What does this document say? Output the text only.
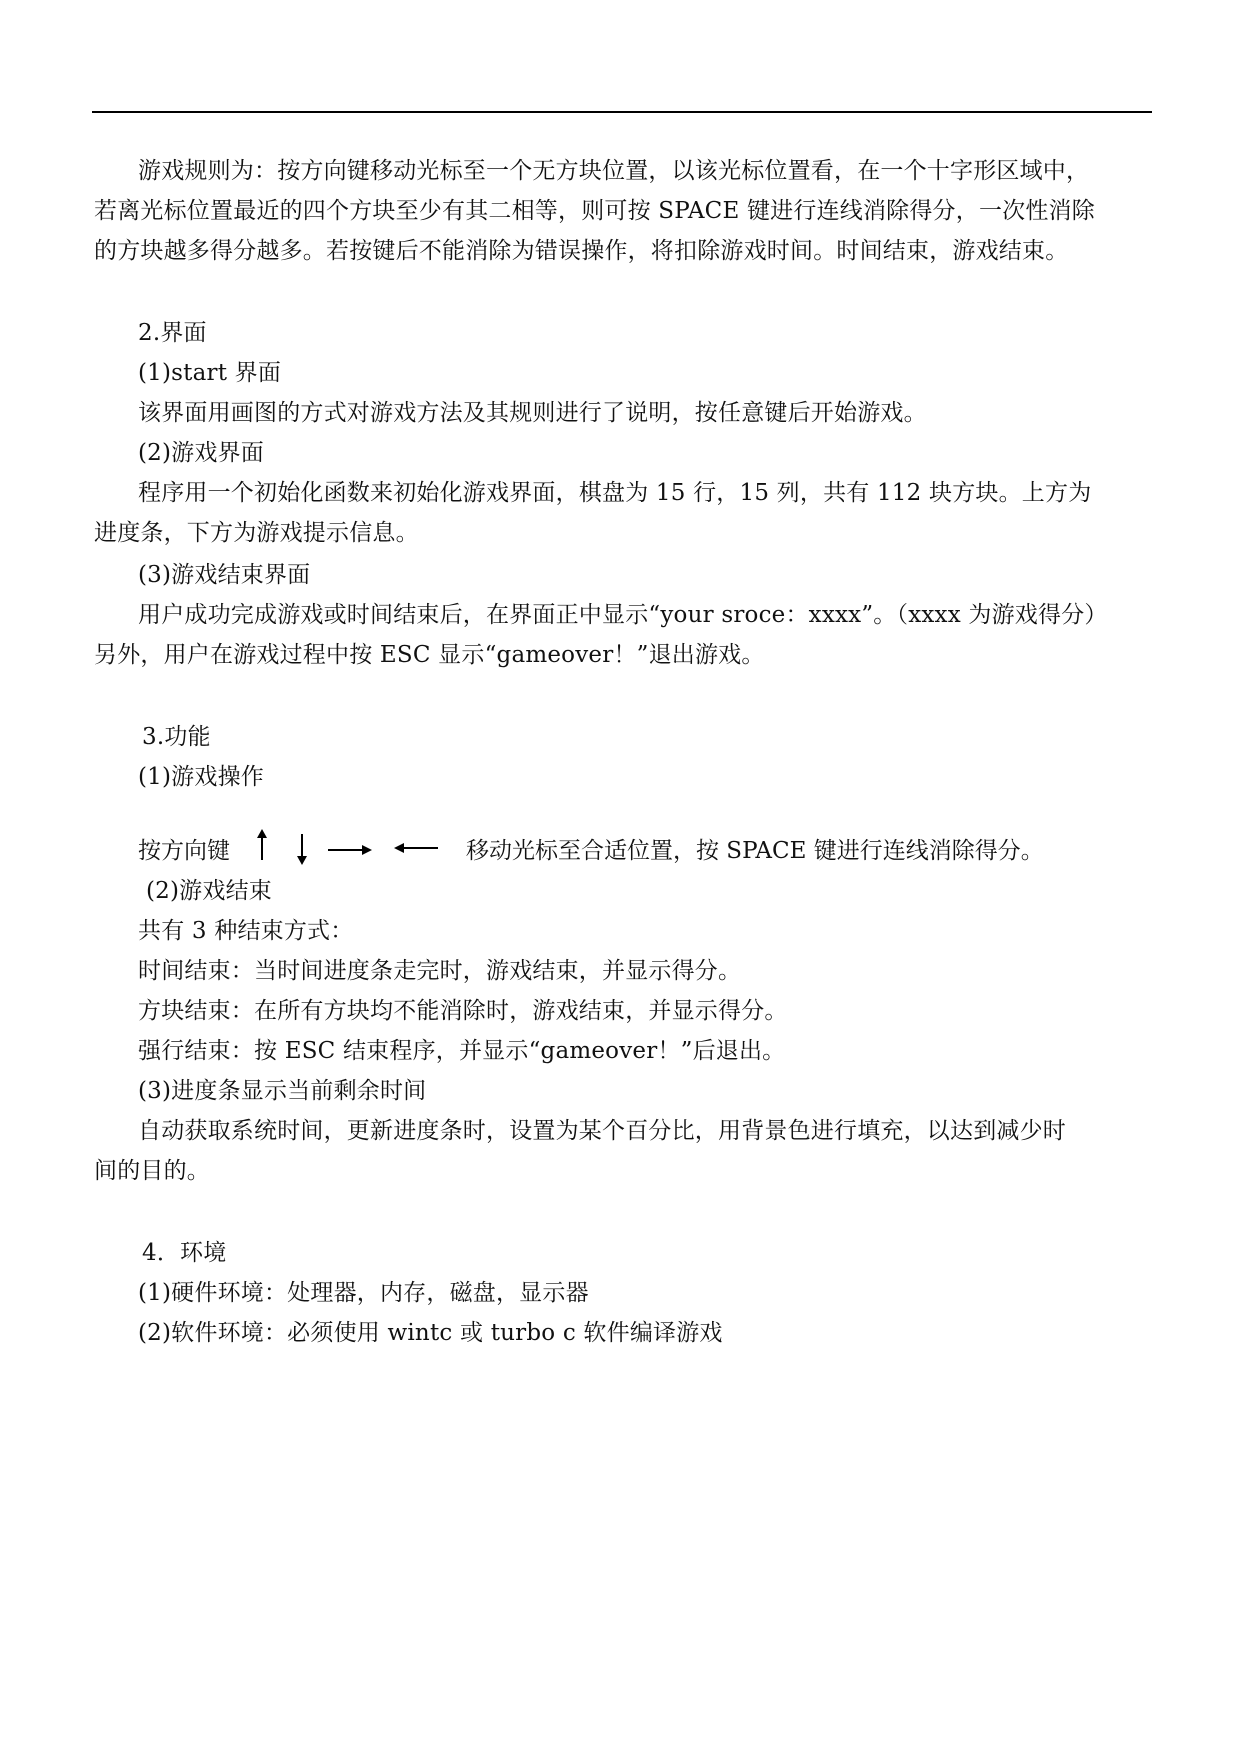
游戏规则为：按方向键移动光标至一个无方块位置，以该光标位置看，在一个十字形区域中，
若离光标位置最近的四个方块至少有其二相等，则可按 SPACE 键进行连线消除得分，一次性消除
的方块越多得分越多。若按键后不能消除为错误操作，将扣除游戏时间。时间结束，游戏结束。
2.界面
(1)start 界面
该界面用画图的方式对游戏方法及其规则进行了说明，按任意键后开始游戏。
(2)游戏界面
程序用一个初始化函数来初始化游戏界面，棋盘为 15 行，15 列，共有 112 块方块。上方为
进度条，下方为游戏提示信息。
(3)游戏结束界面
用户成功完成游戏或时间结束后，在界面正中显示“your sroce：xxxx”。（xxxx 为游戏得分）
另外，用户在游戏过程中按 ESC 显示“gameover！”退出游戏。
3.功能
(1)游戏操作
按方向键	移动光标至合适位置，按 SPACE 键进行连线消除得分。
(2)游戏结束
共有 3 种结束方式：
时间结束：当时间进度条走完时，游戏结束，并显示得分。
方块结束：在所有方块均不能消除时，游戏结束，并显示得分。
强行结束：按 ESC 结束程序，并显示“gameover！”后退出。
(3)进度条显示当前剩余时间
自动获取系统时间，更新进度条时，设置为某个百分比，用背景色进行填充，以达到减少时
间的目的。
4．环境
(1)硬件环境：处理器，内存，磁盘，显示器
(2)软件环境：必须使用 wintc 或 turbo c 软件编译游戏
